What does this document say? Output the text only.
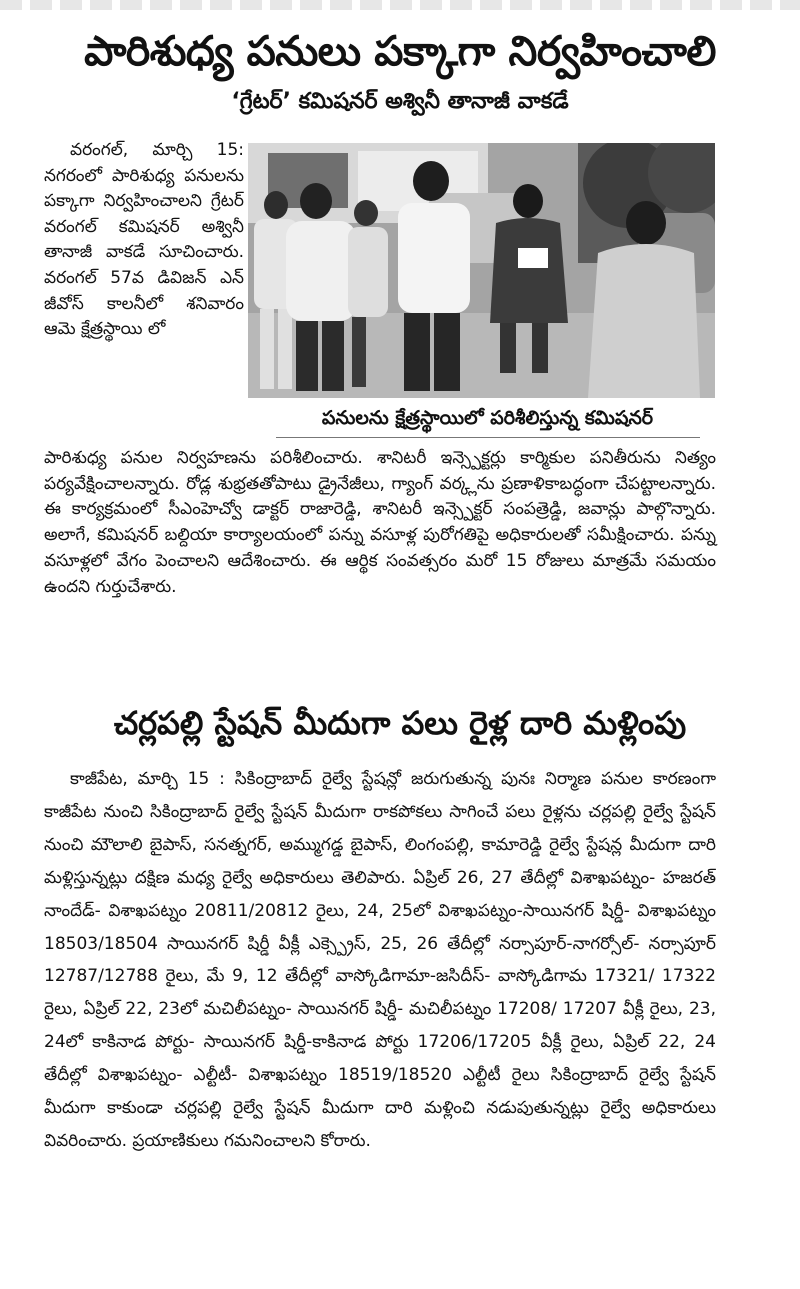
పారిశుధ్య పనులు పక్కాగా నిర్వహించాలి
‘గ్రేటర్’ కమిషనర్ అశ్వినీ తానాజీ వాకడే
వరంగల్, మార్చి 15: నగరంలో పారిశుధ్య పనులను పక్కాగా నిర్వహించాలని గ్రేటర్ వరంగల్ కమిషనర్ అశ్వినీ తానాజీ వాకడే సూచించారు. వరంగల్ 57వ డివిజన్ ఎన్ జీవోస్ కాలనీలో శనివారం ఆమె క్షేత్రస్థాయి లో
పనులను క్షేత్రస్థాయిలో పరిశీలిస్తున్న కమిషనర్
పారిశుధ్య పనుల నిర్వహణను పరిశీలించారు. శానిటరీ ఇన్స్పెక్టర్లు కార్మికుల పనితీరును నిత్యం పర్యవేక్షించాలన్నారు. రోడ్ల శుభ్రతతోపాటు డ్రైనేజీలు, గ్యాంగ్ వర్క్లను ప్రణాళికాబద్ధంగా చేపట్టాలన్నారు. ఈ కార్యక్రమంలో సీఎంహెచ్వో డాక్టర్ రాజారెడ్డి, శానిటరీ ఇన్స్పెక్టర్ సంపత్రెడ్డి, జవాన్లు పాల్గొన్నారు. అలాగే, కమిషనర్ బల్దియా కార్యాలయంలో పన్ను వసూళ్ల పురోగతిపై అధికారులతో సమీక్షించారు. పన్ను వసూళ్లలో వేగం పెంచాలని ఆదేశించారు. ఈ ఆర్థిక సంవత్సరం మరో 15 రోజులు మాత్రమే సమయం ఉందని గుర్తుచేశారు.
చర్లపల్లి స్టేషన్ మీదుగా పలు రైళ్ల దారి మళ్లింపు
కాజీపేట, మార్చి 15 : సికింద్రాబాద్ రైల్వే స్టేషన్లో జరుగుతున్న పునః నిర్మాణ పనుల కారణంగా కాజీపేట నుంచి సికింద్రాబాద్ రైల్వే స్టేషన్ మీదుగా రాకపోకలు సాగించే పలు రైళ్లను చర్లపల్లి రైల్వే స్టేషన్ నుంచి మౌలాలి బైపాస్, సనత్నగర్, అమ్ముగడ్డ బైపాస్, లింగంపల్లి, కామారెడ్డి రైల్వే స్టేషన్ల మీదుగా దారి మళ్లిస్తున్నట్లు దక్షిణ మధ్య రైల్వే అధికారులు తెలిపారు. ఏప్రిల్ 26, 27 తేదీల్లో విశాఖపట్నం- హజరత్ నాందేడ్- విశాఖపట్నం 20811/20812 రైలు, 24, 25లో విశాఖపట్నం-సాయినగర్ షిర్డీ- విశాఖపట్నం 18503/18504 సాయినగర్ షిర్డీ వీక్లీ ఎక్స్ప్రెస్, 25, 26 తేదీల్లో నర్సాపూర్-నాగర్సోల్- నర్సాపూర్ 12787/12788 రైలు, మే 9, 12 తేదీల్లో వాస్కోడిగామా-జసిదీస్- వాస్కోడిగామ 17321/ 17322 రైలు, ఏప్రిల్ 22, 23లో మచిలీపట్నం- సాయినగర్ షిర్డీ- మచిలీపట్నం 17208/ 17207 వీక్లీ రైలు, 23, 24లో కాకినాడ పోర్టు- సాయినగర్ షిర్డీ-కాకినాడ పోర్టు 17206/17205 వీక్లీ రైలు, ఏప్రిల్ 22, 24 తేదీల్లో విశాఖపట్నం- ఎల్టీటీ- విశాఖపట్నం 18519/18520 ఎల్టీటీ రైలు సికింద్రాబాద్ రైల్వే స్టేషన్ మీదుగా కాకుండా చర్లపల్లి రైల్వే స్టేషన్ మీదుగా దారి మళ్లించి నడుపుతున్నట్లు రైల్వే అధికారులు వివరించారు. ప్రయాణికులు గమనించాలని కోరారు.
